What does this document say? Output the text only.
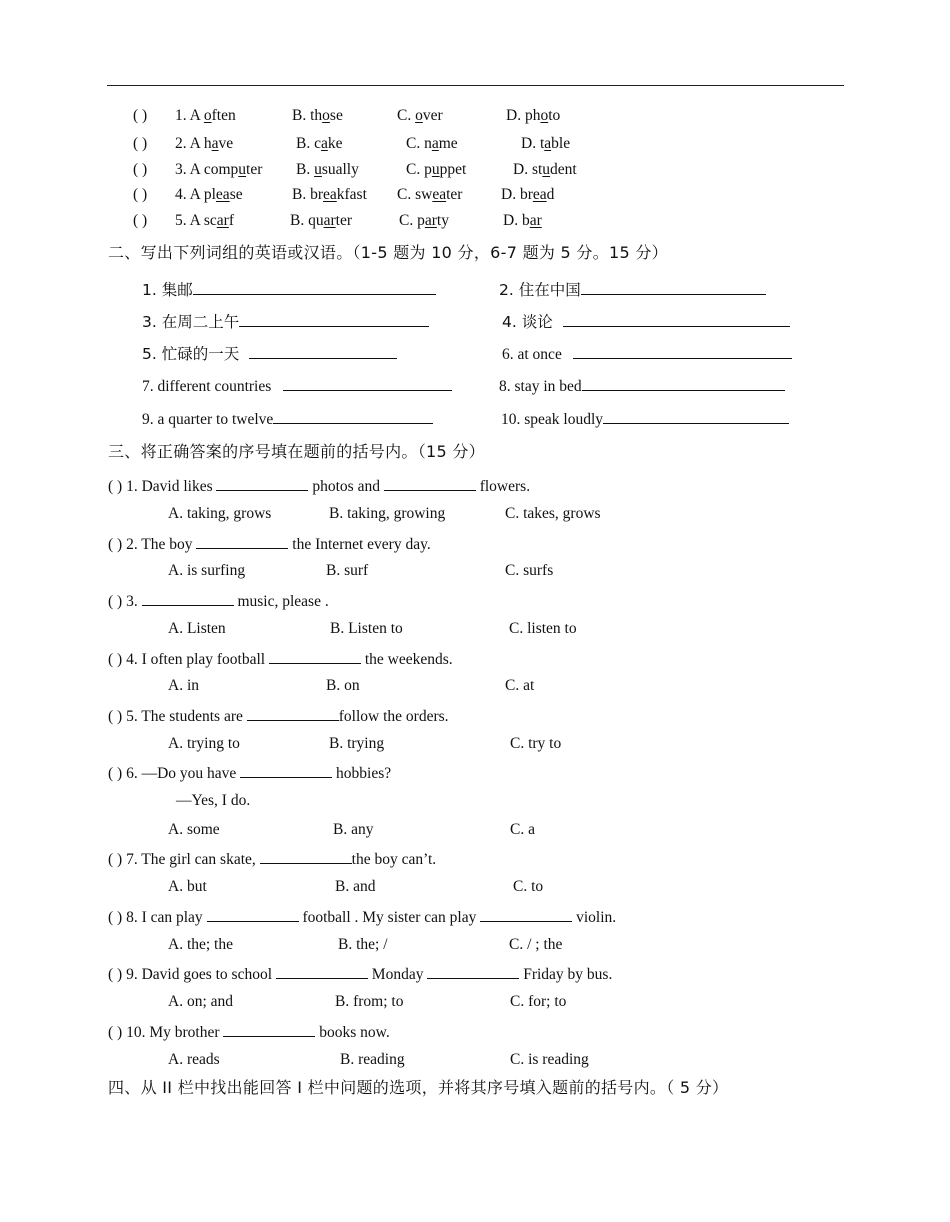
( ) 1. A often	B. those	C. over	D. photo
( ) 2. A have	B. cake	C. name	D. table
( ) 3. A computer B. usually	C. puppet	D. student
( ) 4. A please	B. breakfast C. sweater D. bread
( ) 5. A scarf	B. quarter	C. party	D. bar
二、写出下列词组的英语或汉语。（1-5 题为 10 分，6-7 题为 5 分。15 分）
1. 集邮	2. 住在中国
3. 在周二上午	4. 谈论
5. 忙碌的一天	6. at once
7. different countries	8. stay in bed
9. a quarter to twelve	10. speak loudly
三、将正确答案的序号填在题前的括号内。（15 分）
( ) 1. David likes	photos and	flowers.
A. taking, grows	B. taking, growing	C. takes, grows
( ) 2. The boy	the Internet every day.
A. is surfing	B. surf	C. surfs
( ) 3.	music, please .
A. Listen	B. Listen to	C. listen to
( ) 4. I often play football	the weekends.
A. in	B. on	C. at
( ) 5. The students are	follow the orders.
A. trying to	B. trying	C. try to
( ) 6. —Do you have	hobbies?
—Yes, I do.
A. some	B. any	C. a
( ) 7. The girl can skate,	the boy can’t.
A. but	B. and	C. to
( ) 8. I can play	football . My sister can play	violin.
A. the; the	B. the; /	C. / ; the
( ) 9. David goes to school	Monday	Friday by bus.
A. on; and	B. from; to	C. for; to
( ) 10. My brother	books now.
A. reads	B. reading	C. is reading
四、从 II 栏中找出能回答 I 栏中问题的选项，并将其序号填入题前的括号内。（ 5 分）
